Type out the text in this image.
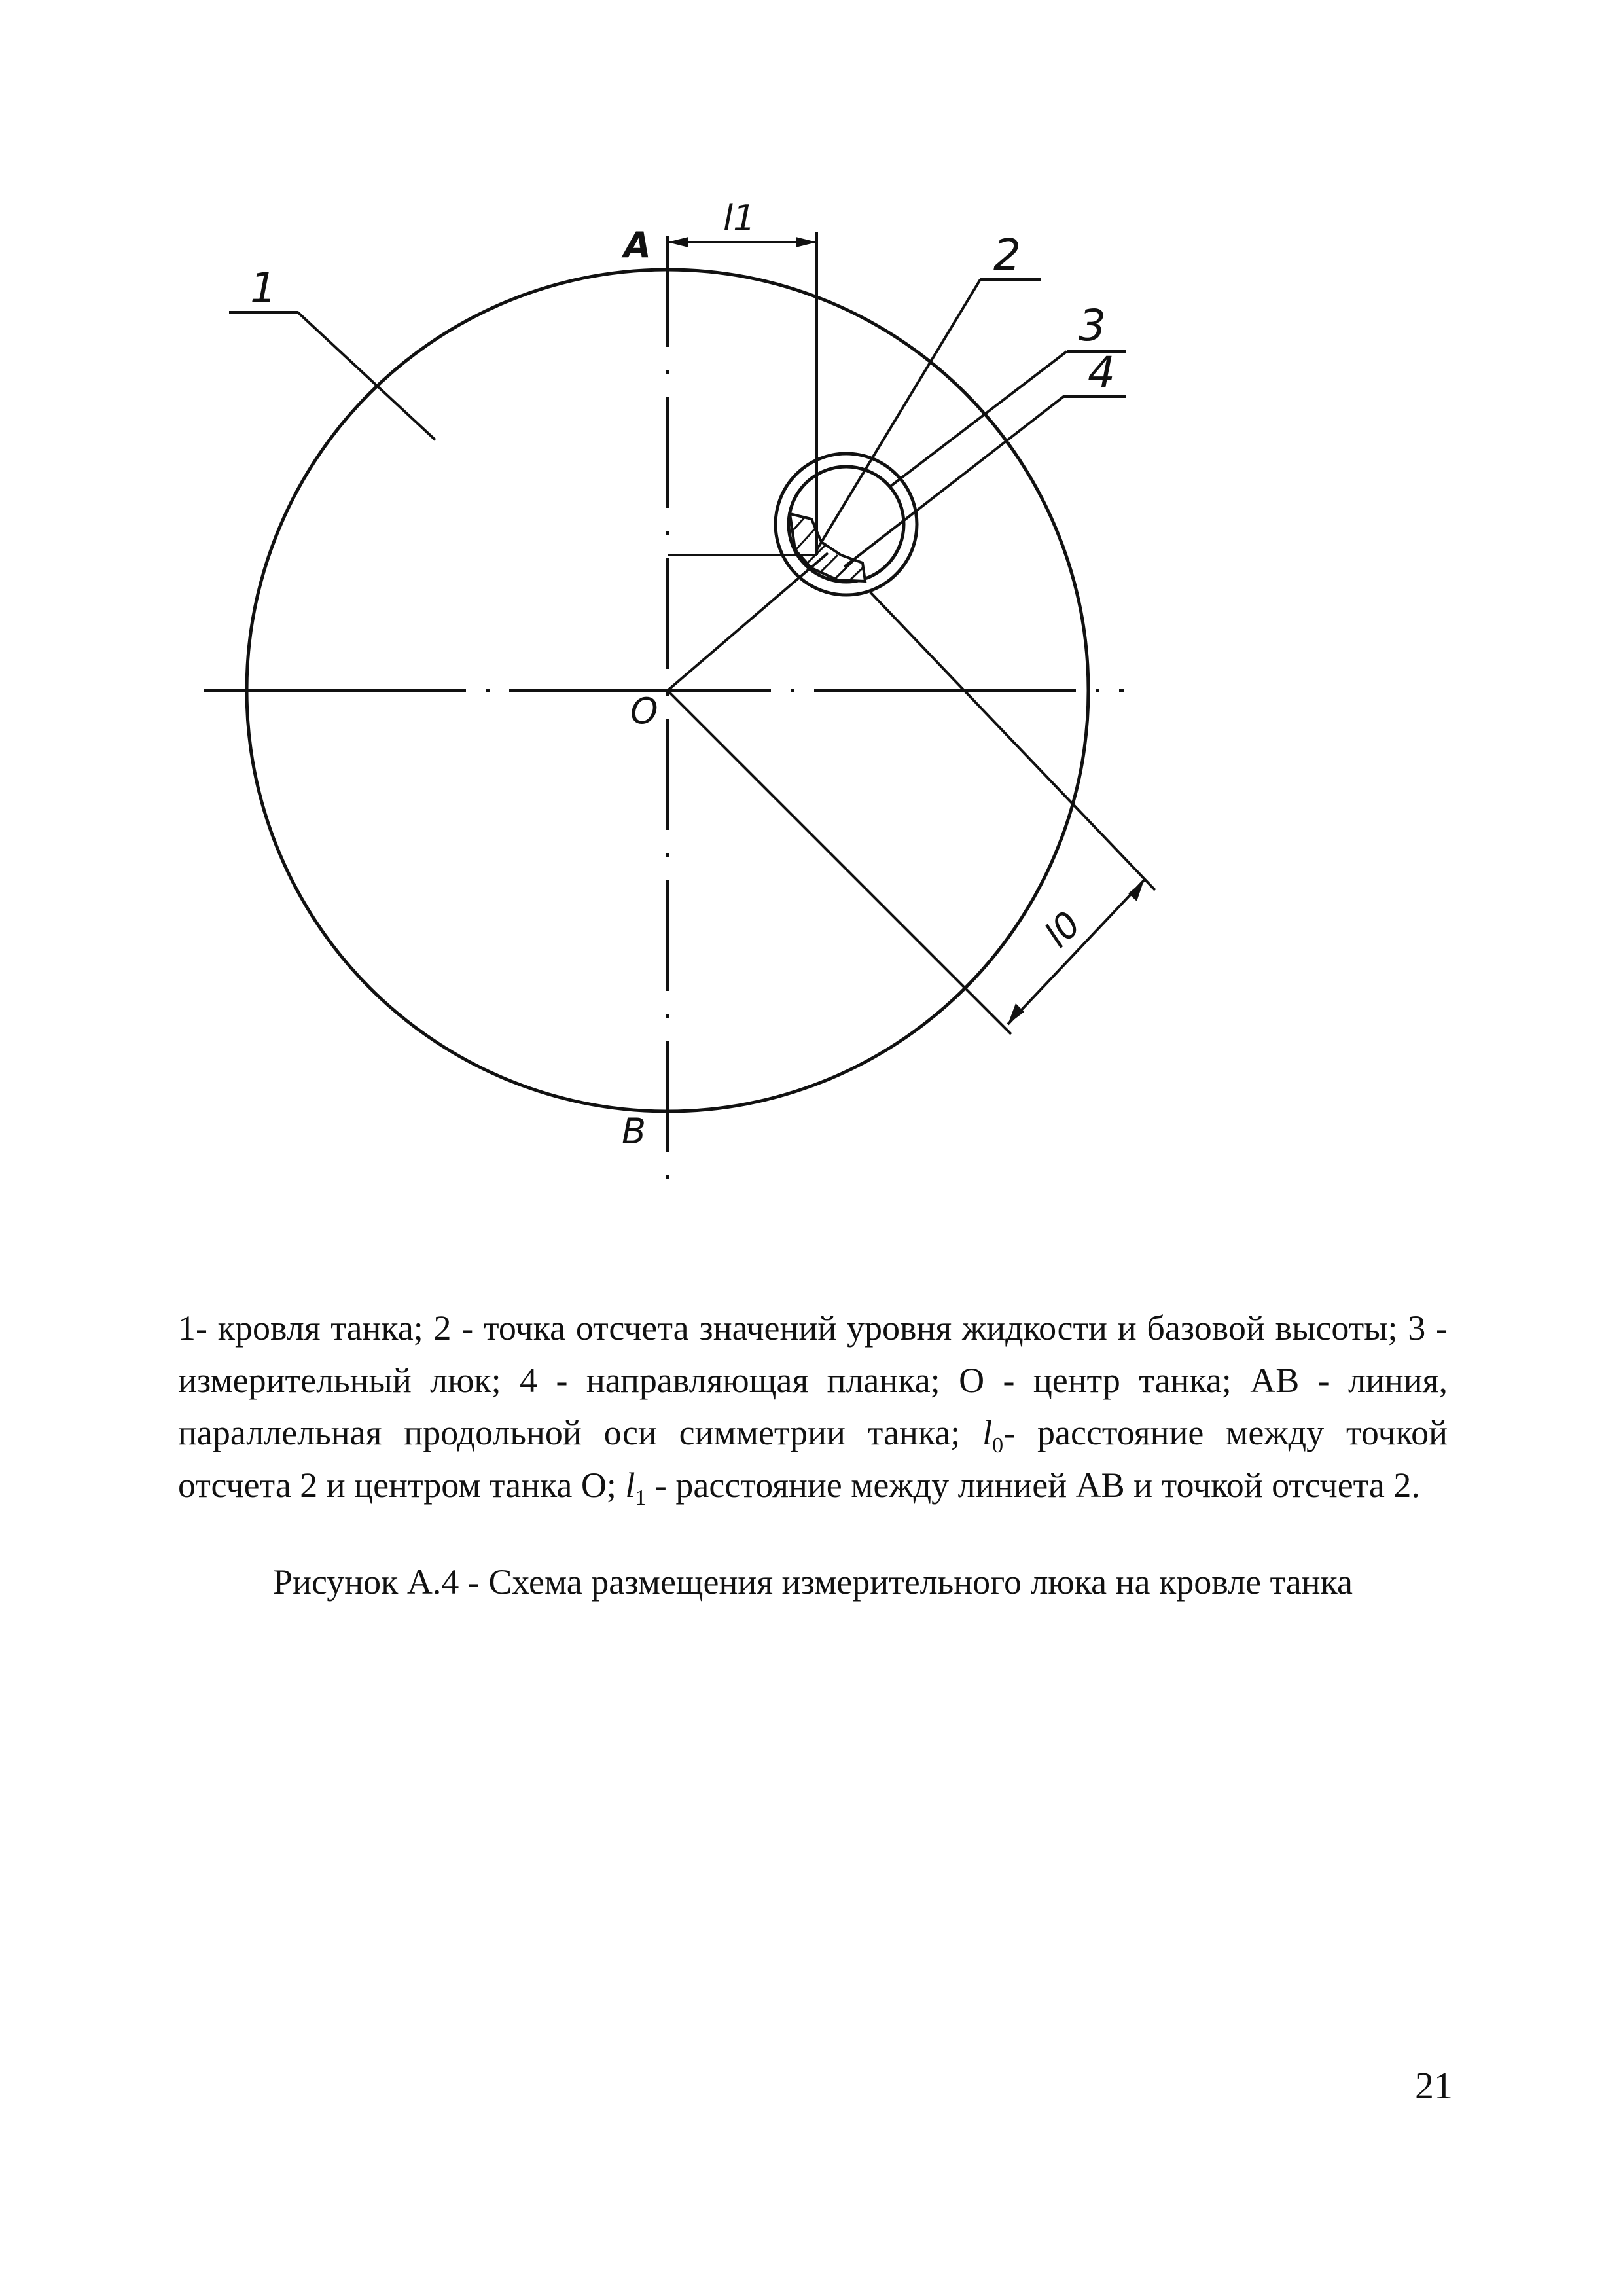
1
2
3
4
A
B
O
l1
l0

1- кровля танка; 2 - точка отсчета значений уровня жидкости и базовой высоты; 3 - измерительный люк; 4 - направляющая планка; О - центр танка; АВ - линия, параллельная продольной оси симметрии танка; $l_0-$ расстояние между точкой отсчета 2 и центром танка О; $l_1$ - расстояние между линией АВ и точкой отсчета 2.

Рисунок А.4 - Схема размещения измерительного люка на кровле танка
21
